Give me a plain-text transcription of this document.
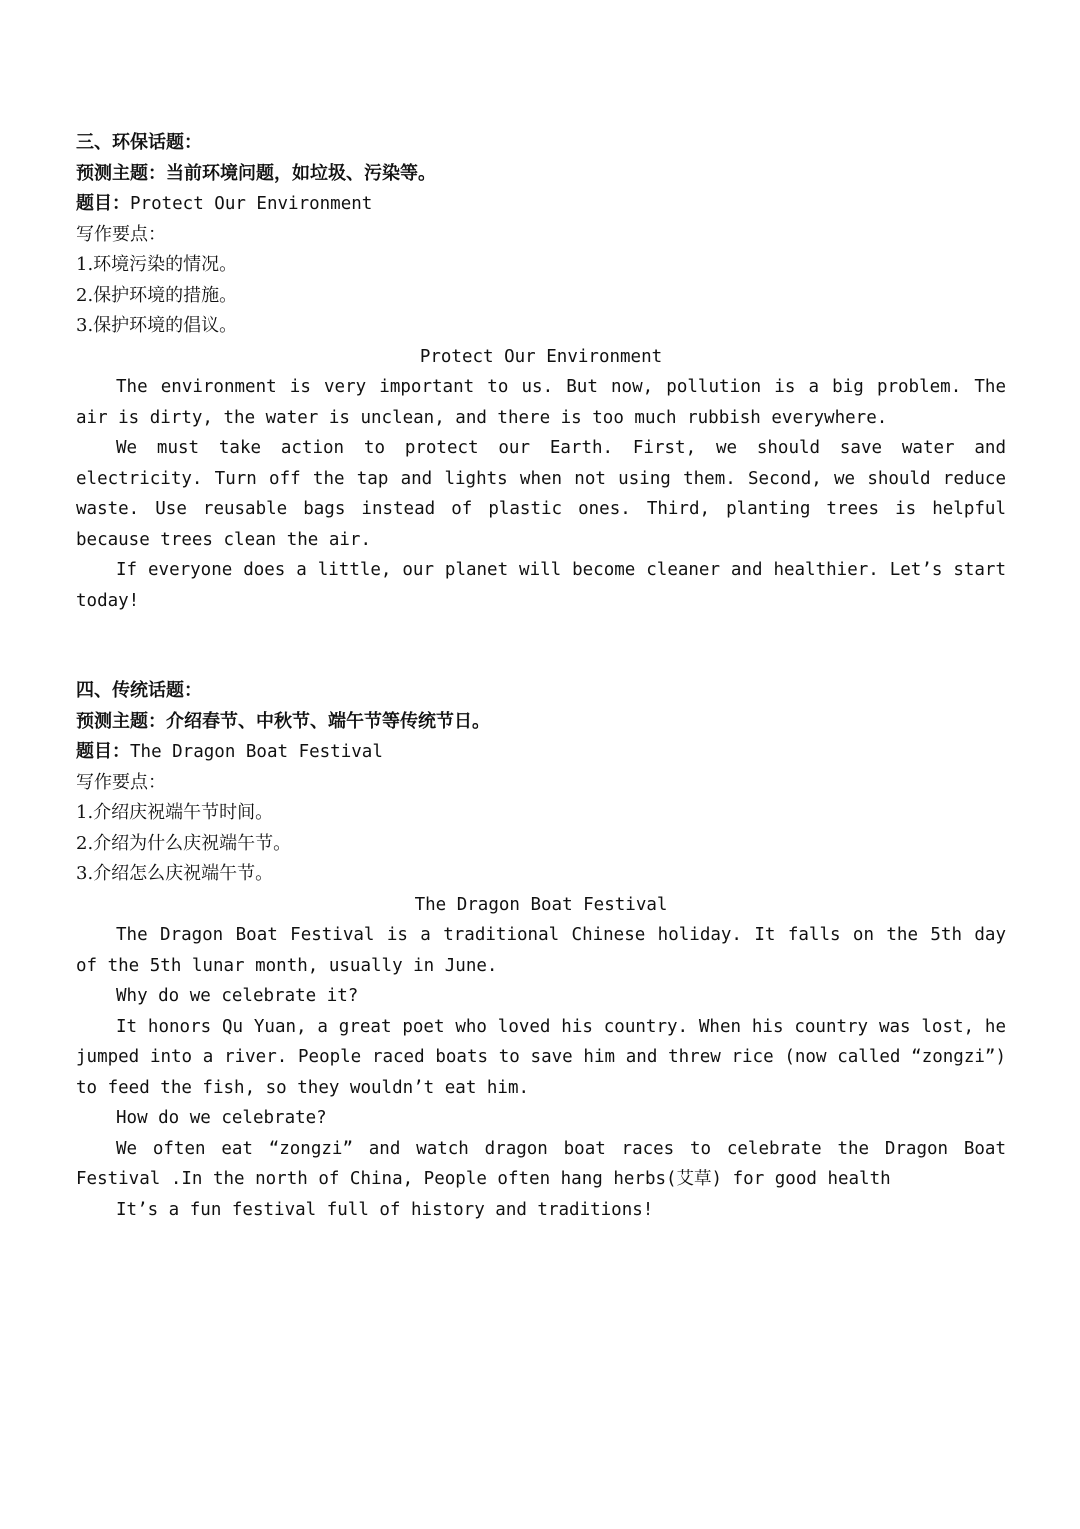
三、环保话题：

预测主题：当前环境问题，如垃圾、污染等。

题目：Protect Our Environment

写作要点：

1.环境污染的情况。

2.保护环境的措施。

3.保护环境的倡议。

Protect Our Environment

The environment is very important to us. But now, pollution is a big problem. The air is dirty, the water is unclean, and there is too much rubbish everywhere.

We must take action to protect our Earth. First, we should save water and electricity. Turn off the tap and lights when not using them. Second, we should reduce waste. Use reusable bags instead of plastic ones. Third, planting trees is helpful because trees clean the air.

If everyone does a little, our planet will become cleaner and healthier. Let’s start today!

四、传统话题：

预测主题：介绍春节、中秋节、端午节等传统节日。

题目：The Dragon Boat Festival

写作要点：

1.介绍庆祝端午节时间。

2.介绍为什么庆祝端午节。

3.介绍怎么庆祝端午节。

The Dragon Boat Festival

The Dragon Boat Festival is a traditional Chinese holiday. It falls on the 5th day of the 5th lunar month, usually in June.

Why do we celebrate it?

It honors Qu Yuan, a great poet who loved his country. When his country was lost, he jumped into a river. People raced boats to save him and threw rice (now called “zongzi”) to feed the fish, so they wouldn’t eat him.

How do we celebrate?

We often eat “zongzi” and watch dragon boat races to celebrate the Dragon Boat Festival .In the north of China, People often hang herbs(艾草) for good health

It’s a fun festival full of history and traditions!
